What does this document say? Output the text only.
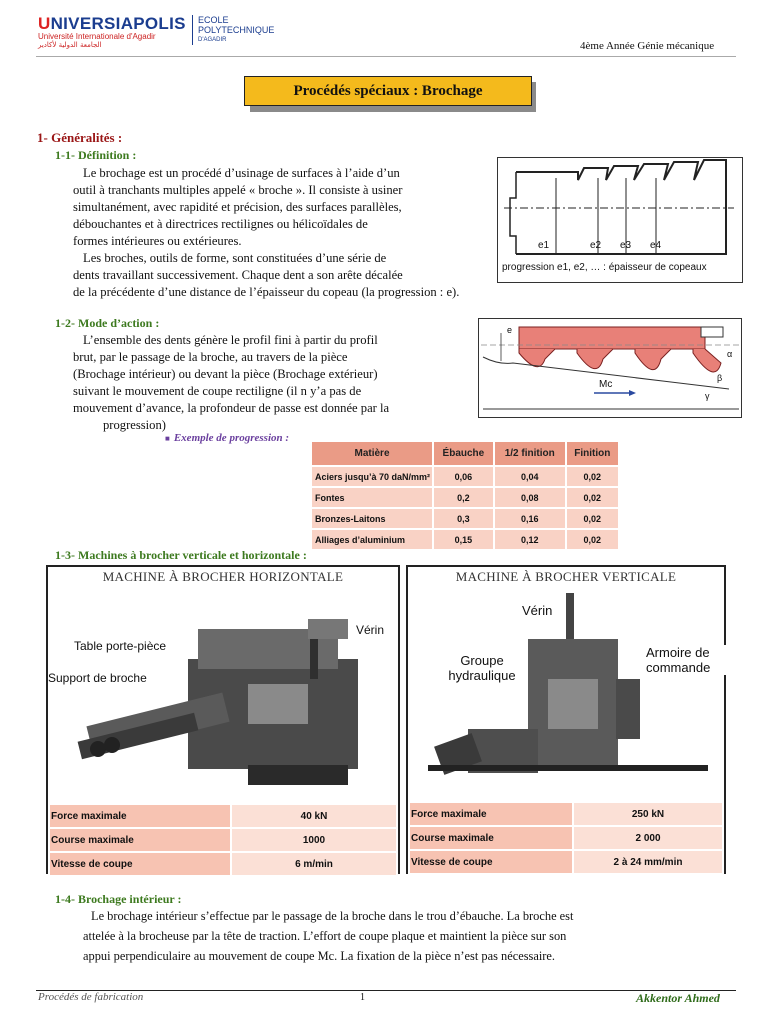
UNIVERSIAPOLIS
Université Internationale d'Agadir
الجامعة الدولية لأكادير
ECOLE
POLYTECHNIQUE
D'AGADIR	4ème Année Génie mécanique
Procédés spéciaux : Brochage
1- Généralités :
1-1- Définition :
Le brochage est un procédé d’usinage de surfaces à l’aide d’un
outil à tranchants multiples appelé « broche ». Il consiste à usiner
simultanément, avec rapidité et précision, des surfaces parallèles,
débouchantes et à directrices rectilignes ou hélicoïdales de
formes intérieures ou extérieures.
Les broches, outils de forme, sont constituées d’une série de
dents travaillant successivement. Chaque dent a son arête décalée
de la précédente d’une distance de l’épaisseur du copeau (la progression : e).
e1	e2 e3 e4
progression e1, e2, … : épaisseur de copeaux
1-2- Mode d’action :
L’ensemble des dents génère le profil fini à partir du profil
brut, par le passage de la broche, au travers de la pièce
(Brochage intérieur) ou devant la pièce (Brochage extérieur)
suivant le mouvement de coupe rectiligne (il n y’a pas de
mouvement d’avance, la profondeur de passe est donnée par la
progression)
Mc
e
α
β
γ
■ Exemple de progression :
Matière	Ébauche	1/2 finition	Finition
Aciers jusqu’à 70 daN/mm²	0,06	0,04	0,02
Fontes	0,2	0,08	0,02
Bronzes-Laitons	0,3	0,16	0,02
Alliages d’aluminium	0,15	0,12	0,02
1-3- Machines à brocher verticale et horizontale :
MACHINE À BROCHER HORIZONTALE
Table porte-pièce
Support de broche
Vérin
Force maximale	40 kN
Course maximale	1000
Vitesse de coupe	6 m/min
MACHINE À BROCHER VERTICALE
Vérin
Groupe hydraulique
Armoire de commande
Force maximale	250 kN
Course maximale	2 000
Vitesse de coupe	2 à 24 mm/min
1-4- Brochage intérieur :
Le brochage intérieur s’effectue par le passage de la broche dans le trou d’ébauche. La broche est
attelée à la brocheuse par la tête de traction. L’effort de coupe plaque et maintient la pièce sur son
appui perpendiculaire au mouvement de coupe Mc. La fixation de la pièce n’est pas nécessaire.
Procédés de fabrication	1	Akkentor Ahmed
